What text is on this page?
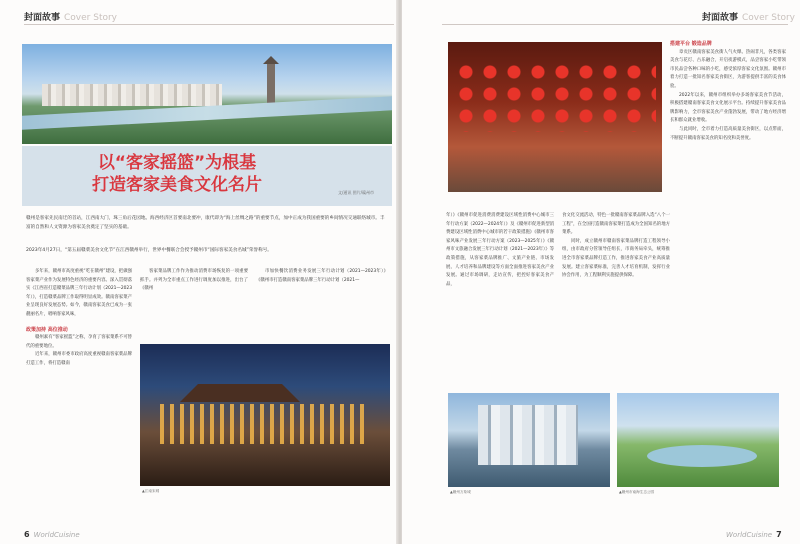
封面故事 Cover Story
以“客家摇篮”为根基
打造客家美食文化名片	文/通讯 图片/赣州市
赣州是客家先民南迁的首站，江西南大门，珠三角后花园地。海西经济区首要南北要冲，康代即为“海上丝绸之路”的重要节点，加中正成为我国重要的乡间情况交通联络城市。丰富的自然和人文资源为客家美食奠定了坚实的基础。
2023年4月27日，“第五届赣菜美食文化节”在江西赣州举行，世界中餐联合会授予赣州市“国际客家美食名城”荣誉称号。

多年来，赣州市高度重视“吃在赣州”建设，把做强客家菜产业作为发展特色经济的重要内容。深入贯彻落实《江西省打造赣菜品牌三年行动计划（2021—2023年）》，打造赣菜品牌工作取得明显成效。赣南客家菜产业呈现良好发展态势。如今，赣南客家美食已成为一张靓丽名片，唱响客家风味，

政策加持 高位推动

赣州素有“客家摇篮”之称，孕育了客家菜系不可替代的重要地位。

近年来，赣州市委市政府高度重视赣南客家菜品牌打造工作，将打造赣南

客家菜品牌工作作为推动消费市场恢复的一项重要抓手。并列为全市重点工作进行调度加以推进，出台了《赣州

市加快餐饮消费业务发展三年行动计划（2021—2023年）》《赣州市打造赣南客家菜品牌三年行动计划（2021—

▲江南宋城
6 WorldCuisine
封面故事 Cover Story

年）》《赣州市促进消费消费建设区域性消费中心城市三年行动方案（2022—2024年）》及《赣州市促进新型消费建设区域性消费中心城市的若干政策措施》《赣州市客家风味产业发展三年行动方案（2023—2025年）》《赣州市文旅融合发展三年行动计划（2021—2023年）》等政策措施，从客家菜品牌推广、文旅产业链、市场发展、人才培养和品牌建设等方面全面推进客家美食产业发展。通过市场调研，走访宣传，把控好客家美食产品，

食文化交流活动，特色一批赣南客家菜品牌入选“八个一工程”，在全国打造赣南客家菜打造成为全国知名的地方菜系。

同时，成立赣州市赣南客家菜品牌打造工程领导小组，由市政府分管领导任组长，市商务局牵头，统筹推进全市客家菜品牌打造工作，推进客家美食产业高质量发展。建立客家菜标准，完善人才培育机制，发挥行业协会作用，为工程顺利实施提供保障。

搭建平台 锻造品牌

章贡区赣南客家美食街人气火爆。热闹非凡，各类客家美食与花灯、古乐融合，开启夜游模式，品尝客家小吃带领市民品尝各种口味的小吃，感受浓厚客家文化氛围。赣州市着力打造一批知名客家美食街区，为游客提供丰富的美食体验。

2022年以来，赣州市组织举办多场客家美食节活动，积极搭建赣南客家美食文化展示平台。持续提升客家美食品牌影响力，全市客家美食产业蓬勃发展，带动了地方经济增长和群众就业增收。

与此同时，全市着力打造高质量美食街区，以点带面，不断提升赣南客家美食的知名度和美誉度。

WorldCuisine 7
▲赣州万象城	▲赣州市南海生态公园
